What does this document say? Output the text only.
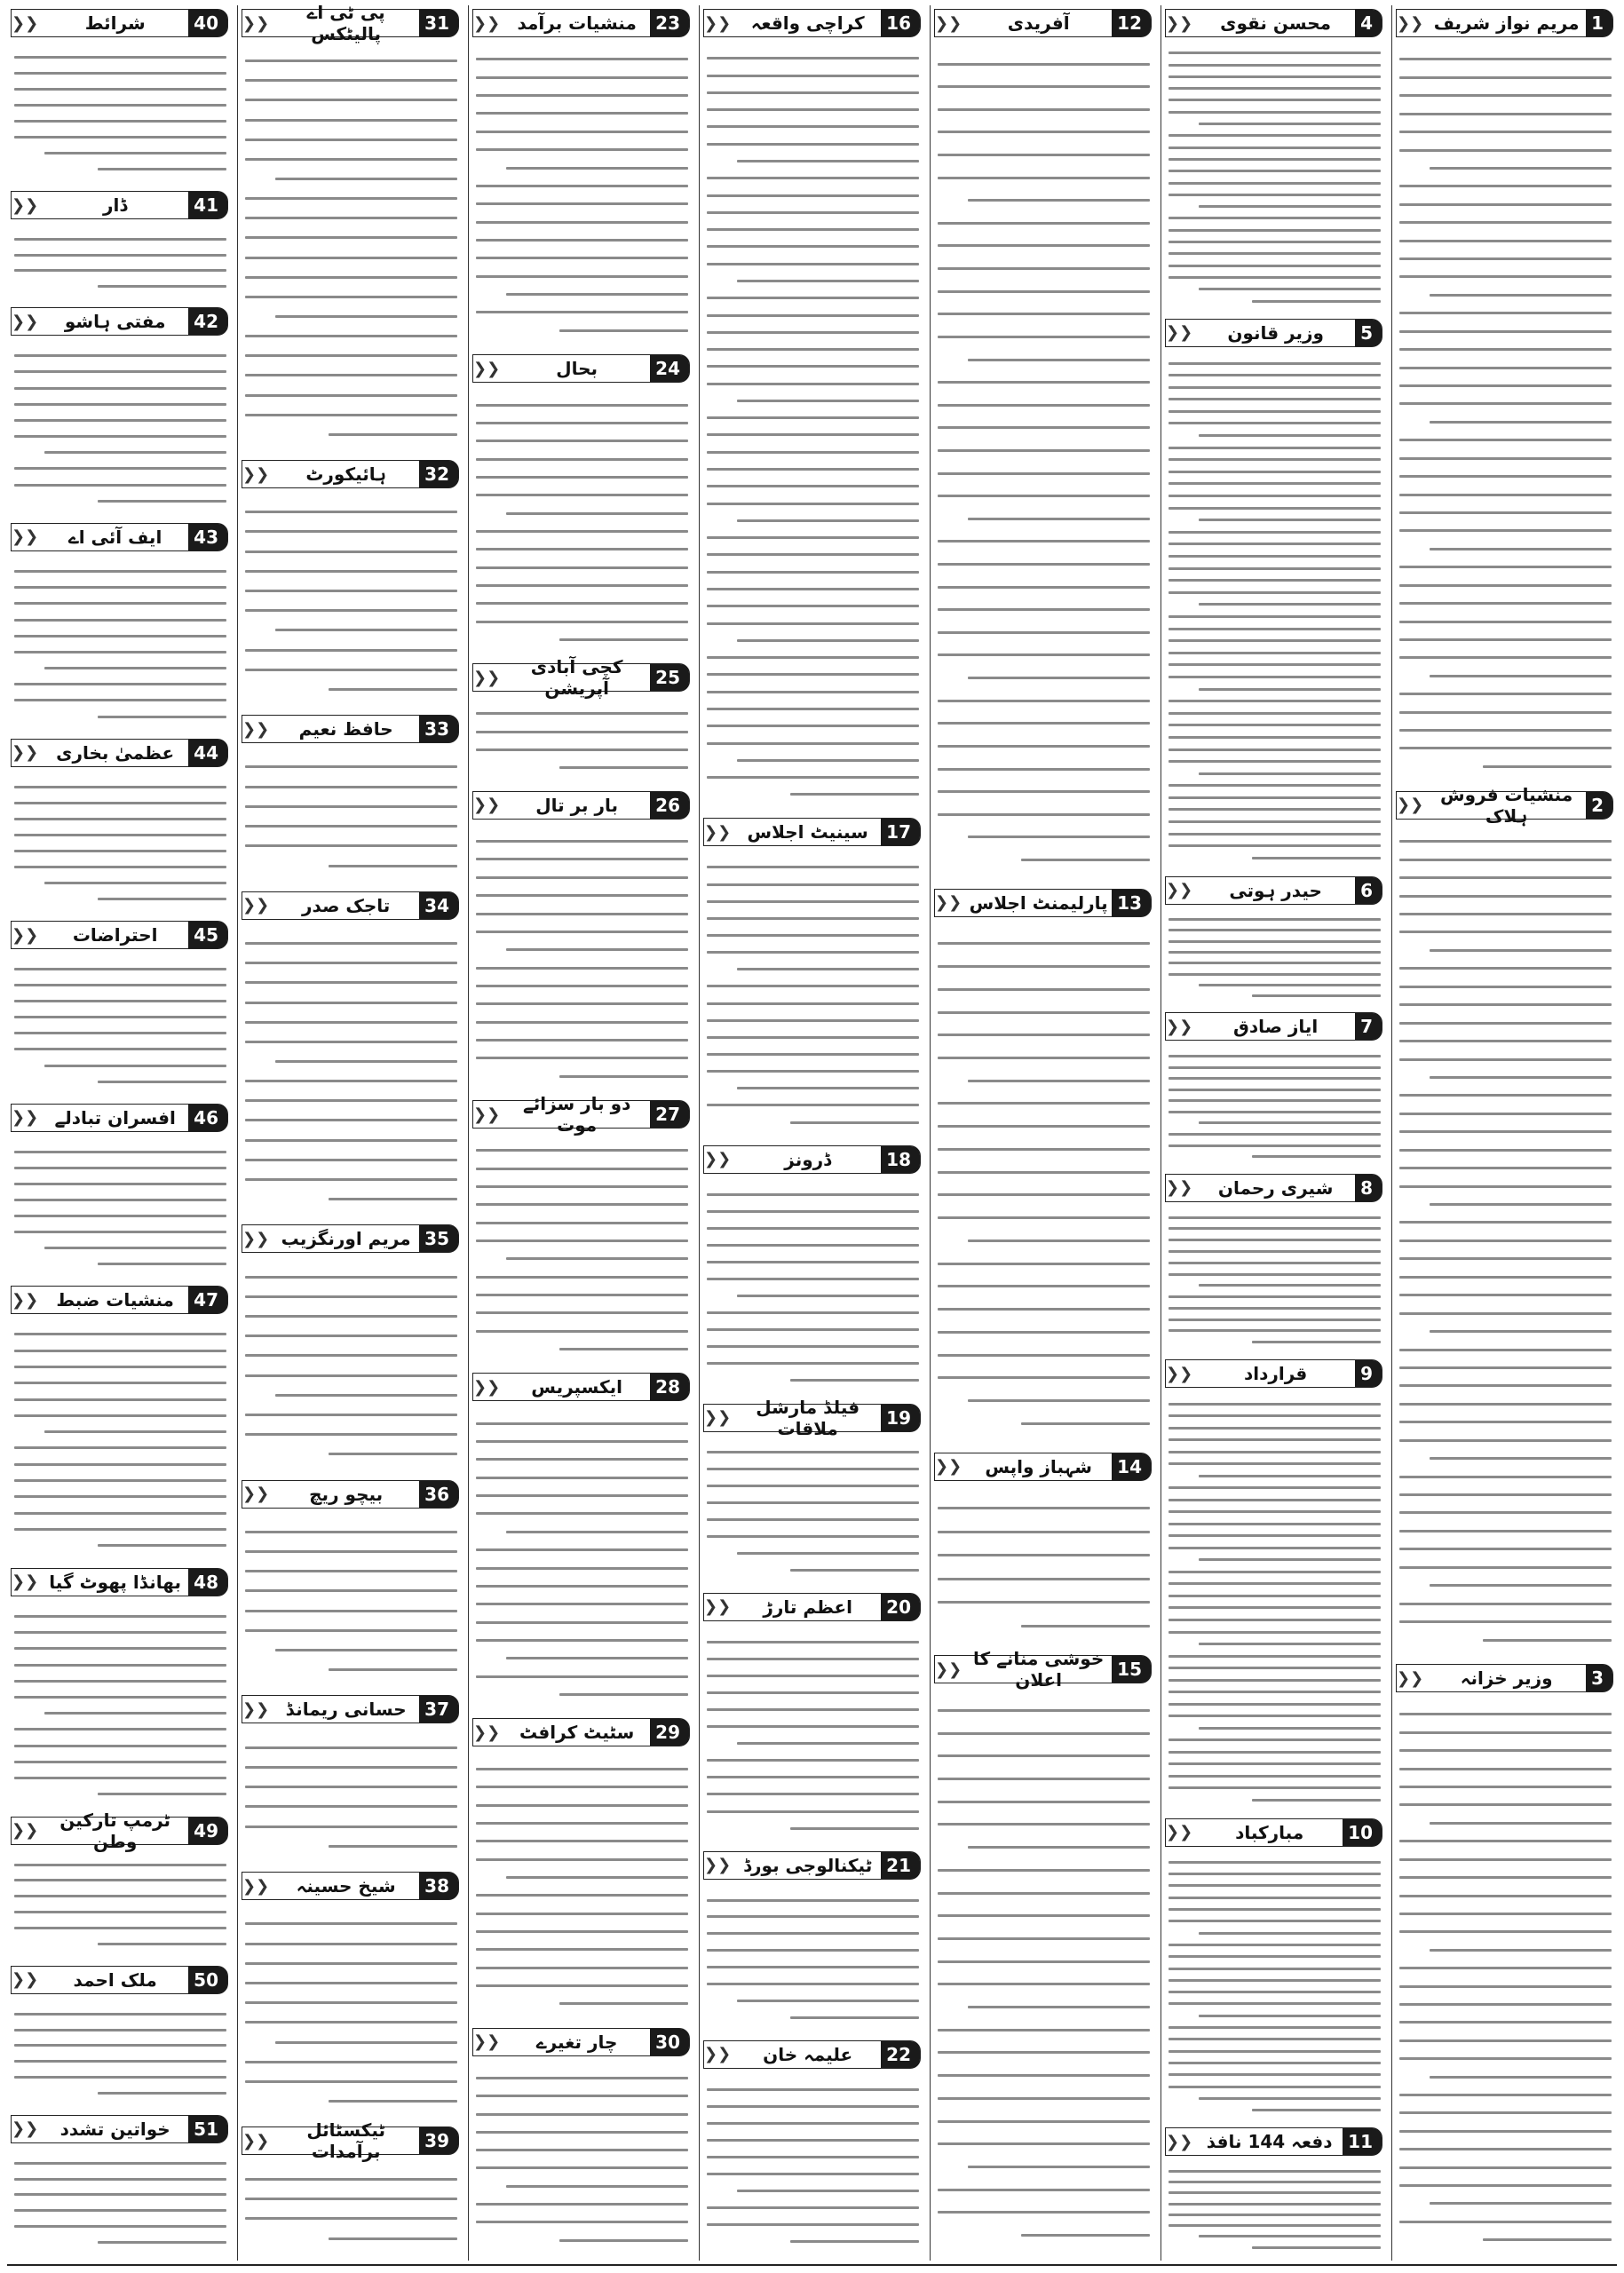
1
مریم نواز شریف
❮❮
2
منشیات فروش ہلاک
❮❮
3
وزیر خزانہ
❮❮
4
محسن نقوی
❮❮
5
وزیر قانون
❮❮
6
حیدر ہوتی
❮❮
7
ایاز صادق
❮❮
8
شیری رحمان
❮❮
9
قرارداد
❮❮
10
مبارکباد
❮❮
11
دفعہ 144 نافذ
❮❮
12
آفریدی
❮❮
13
پارلیمنٹ اجلاس
❮❮
14
شہباز واپس
❮❮
15
خوشی منانے کا اعلان
❮❮
16
کراچی واقعہ
❮❮
17
سینیٹ اجلاس
❮❮
18
ڈرونز
❮❮
19
فیلڈ مارشل ملاقات
❮❮
20
اعظم تارڑ
❮❮
21
ٹیکنالوجی بورڈ
❮❮
22
علیمہ خان
❮❮
23
منشیات برآمد
❮❮
24
بحال
❮❮
25
کچی آبادی آپریشن
❮❮
26
بار بر تال
❮❮
27
دو بار سزائے موت
❮❮
28
ایکسپریس
❮❮
29
سٹیٹ کرافٹ
❮❮
30
چار تغیرے
❮❮
31
پی ٹی اے پالیٹکس
❮❮
32
ہائیکورٹ
❮❮
33
حافظ نعیم
❮❮
34
تاجک صدر
❮❮
35
مریم اورنگزیب
❮❮
36
بیچو ریچ
❮❮
37
حسانی ریمانڈ
❮❮
38
شیخ حسینہ
❮❮
39
ٹیکسٹائل برآمدات
❮❮
40
شرائط
❮❮
41
ڈار
❮❮
42
مفتی ہاشو
❮❮
43
ایف آئی اے
❮❮
44
عظمیٰ بخاری
❮❮
45
احتراضات
❮❮
46
افسران تبادلے
❮❮
47
منشیات ضبط
❮❮
48
بھانڈا پھوٹ گیا
❮❮
49
ٹرمپ تارکین وطن
❮❮
50
ملک احمد
❮❮
51
خواتین تشدد
❮❮
